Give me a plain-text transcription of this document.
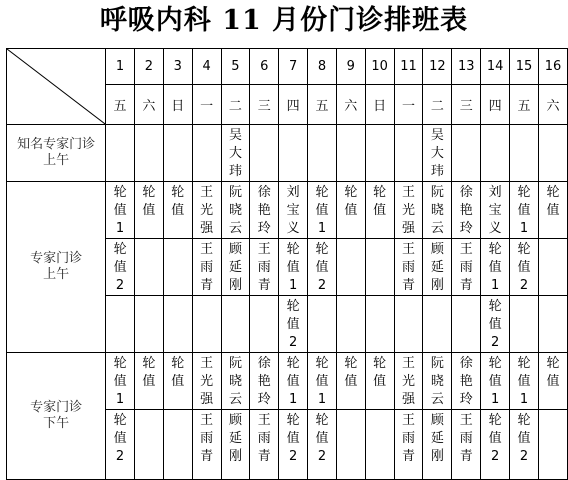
呼吸内科 11 月份门诊排班表
	1	2	3	4	5	6	7	8	9	10	11	12	13	14	15	16
	五	六	日	一	二	三	四	五	六	日	一	二	三	四	五	六

知名专家门诊
上午					吴大玮							吴大玮				

专家门诊
上午	轮值1	轮值	轮值	王光强	阮晓云	徐艳玲	刘宝义	轮值1	轮值	轮值	王光强	阮晓云	徐艳玲	刘宝义	轮值1	轮值
	轮值2			王雨青	顾延刚	王雨青	轮值1	轮值2			王雨青	顾延刚	王雨青	轮值1	轮值2	
							轮值2							轮值2		

专家门诊
下午	轮值1	轮值	轮值	王光强	阮晓云	徐艳玲	轮值1	轮值1	轮值	轮值	王光强	阮晓云	徐艳玲	轮值1	轮值1	轮值
	轮值2			王雨青	顾延刚	王雨青	轮值2	轮值2			王雨青	顾延刚	王雨青	轮值2	轮值2	
